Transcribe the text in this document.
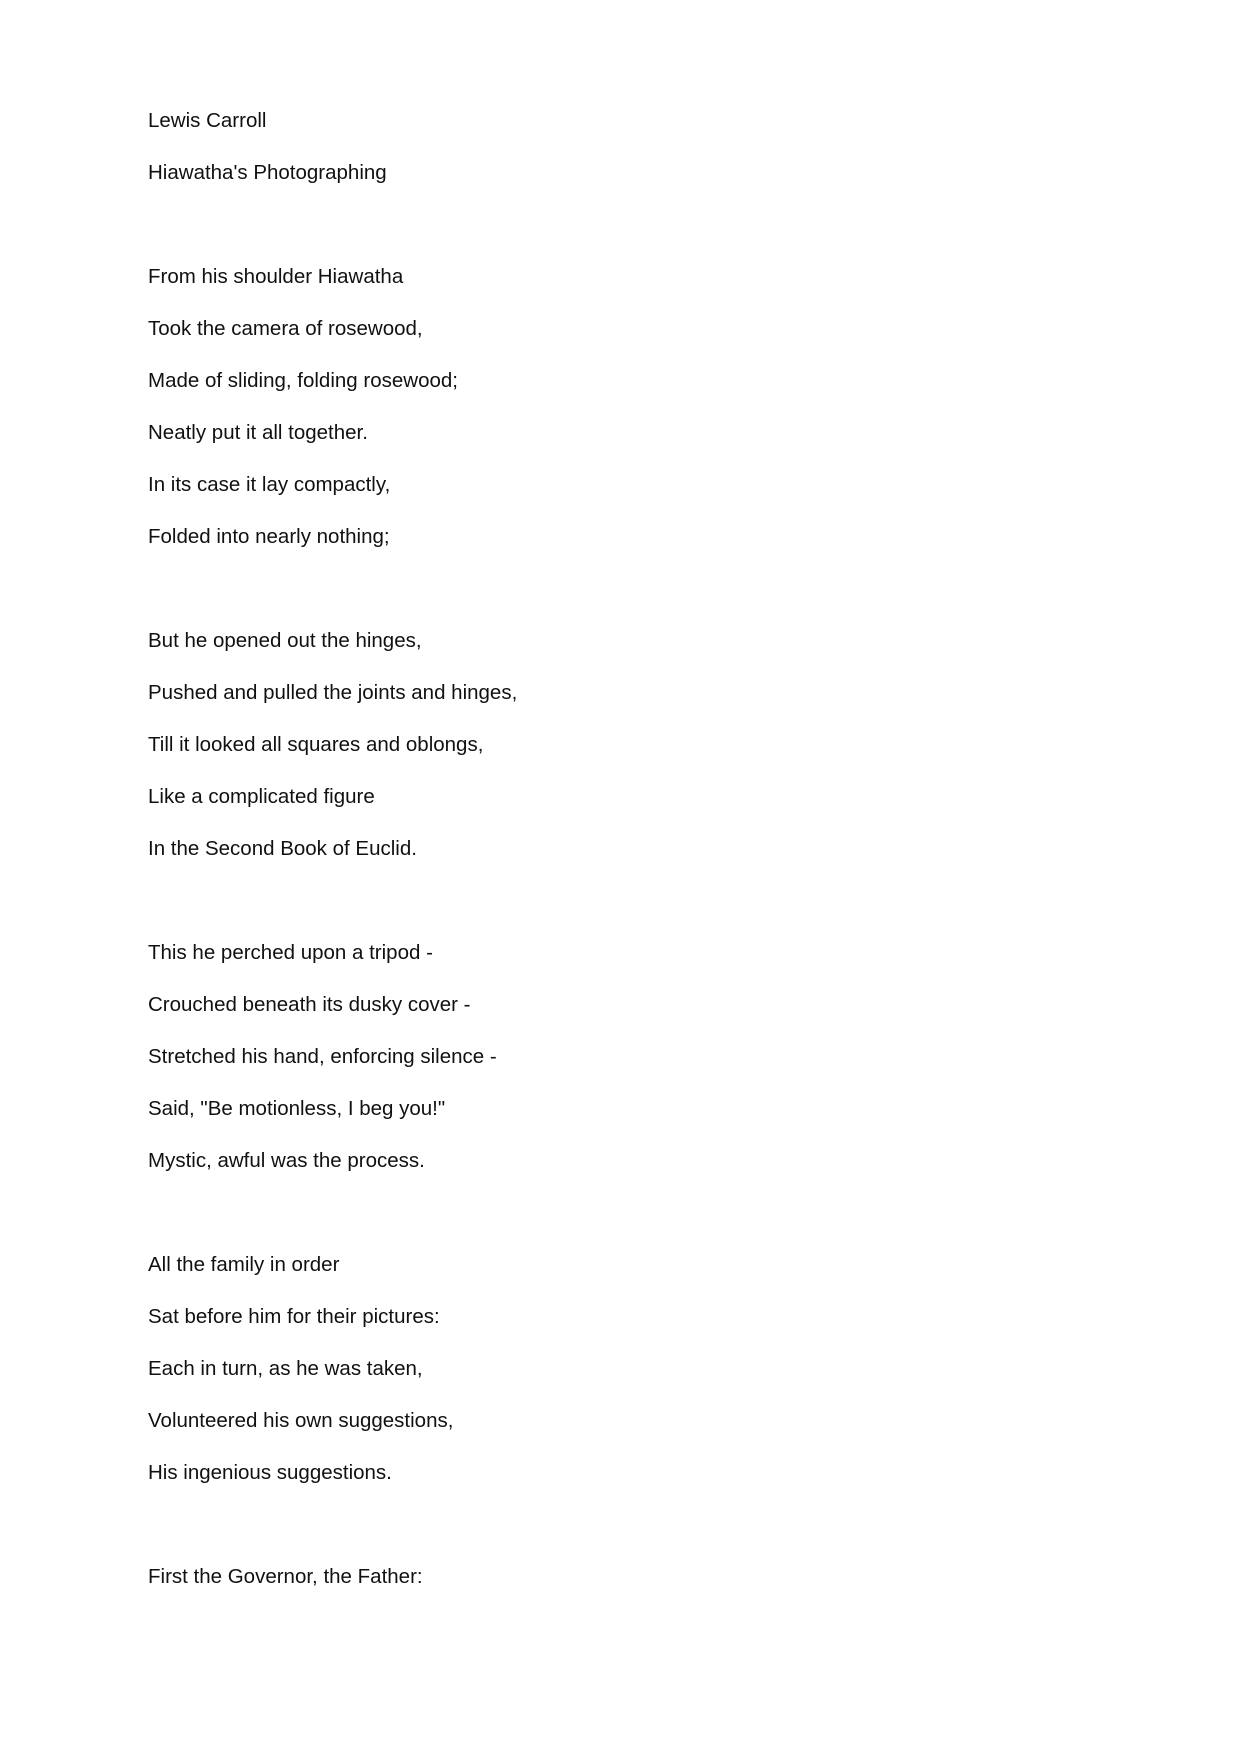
Lewis Carroll
Hiawatha's Photographing
From his shoulder Hiawatha
Took the camera of rosewood,
Made of sliding, folding rosewood;
Neatly put it all together.
In its case it lay compactly,
Folded into nearly nothing;
But he opened out the hinges,
Pushed and pulled the joints and hinges,
Till it looked all squares and oblongs,
Like a complicated figure
In the Second Book of Euclid.
This he perched upon a tripod -
Crouched beneath its dusky cover -
Stretched his hand, enforcing silence -
Said, "Be motionless, I beg you!"
Mystic, awful was the process.
All the family in order
Sat before him for their pictures:
Each in turn, as he was taken,
Volunteered his own suggestions,
His ingenious suggestions.
First the Governor, the Father:
